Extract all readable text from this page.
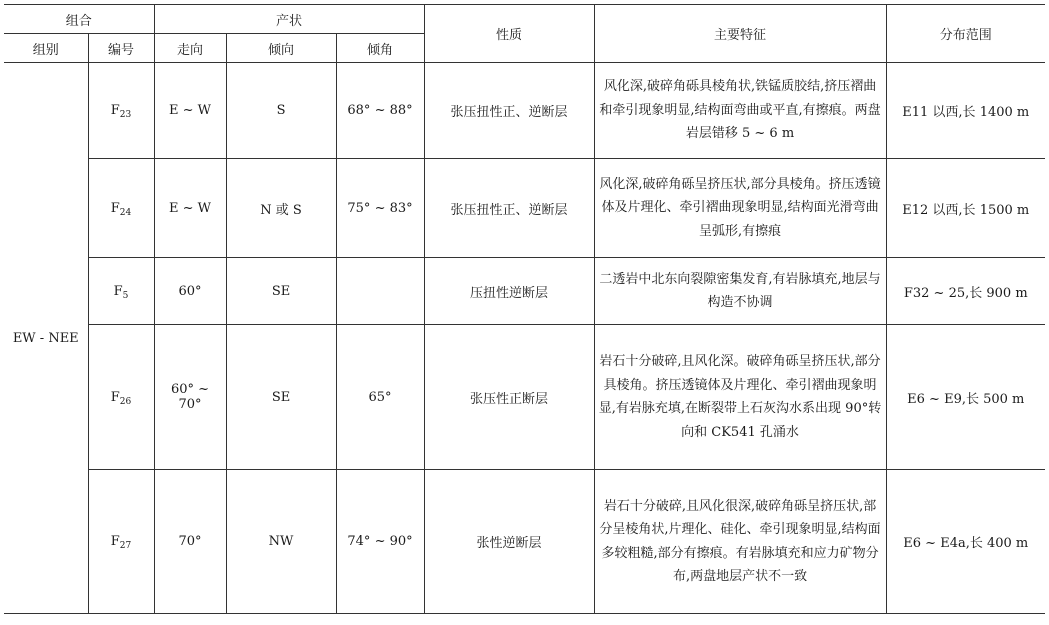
组合		产状			性质	主要特征	分布范围
组别	编号	走向	倾向	倾角			
EW - NEE	$F_{23}$	E ~ W	S	68° ~ 88°	张压扭性正、逆断层	风化深,破碎角砾具棱角状,铁锰质胶结,挤压褶曲和牵引现象明显,结构面弯曲或平直,有擦痕。两盘岩层错移 5 ~ 6 m	E11 以西,长 1400 m
	$F_{24}$	E ~ W	N 或 S	75° ~ 83°	张压扭性正、逆断层	风化深,破碎角砾呈挤压状,部分具棱角。挤压透镜体及片理化、牵引褶曲现象明显,结构面光滑弯曲呈弧形,有擦痕	E12 以西,长 1500 m
	$F_5$	60°	SE		压扭性逆断层	二透岩中北东向裂隙密集发育,有岩脉填充,地层与构造不协调	F32 ~ 25,长 900 m
	$F_{26}$	60° ~ 70°	SE	65°	张压性正断层	岩石十分破碎,且风化深。破碎角砾呈挤压状,部分具棱角。挤压透镜体及片理化、牵引褶曲现象明显,有岩脉充填,在断裂带上石灰沟水系出现 90°转向和 CK541 孔涌水	E6 ~ E9,长 500 m
	$F_{27}$	70°	NW	74° ~ 90°	张性逆断层	岩石十分破碎,且风化很深,破碎角砾呈挤压状,部分呈棱角状,片理化、硅化、牵引现象明显,结构面多较粗糙,部分有擦痕。有岩脉填充和应力矿物分布,两盘地层产状不一致	E6 ~ E4a,长 400 m
